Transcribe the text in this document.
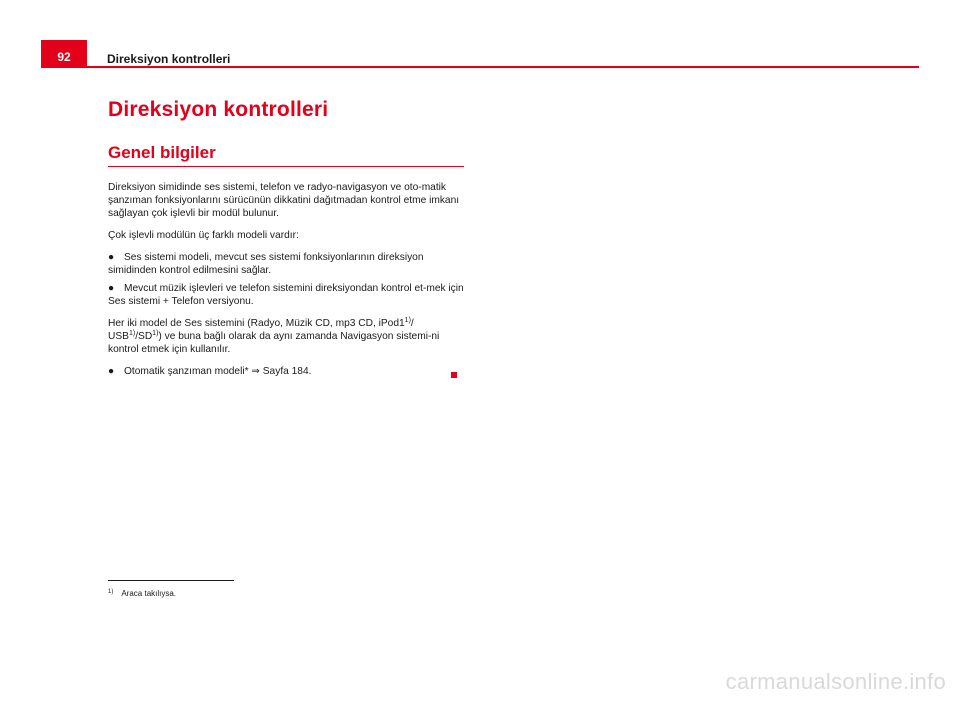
92	Direksiyon kontrolleri
Direksiyon kontrolleri
Genel bilgiler

Direksiyon simidinde ses sistemi, telefon ve radyo-navigasyon ve oto-matik şanzıman fonksiyonlarını sürücünün dikkatini dağıtmadan kontrol etme imkanı sağlayan çok işlevli bir modül bulunur.

Çok işlevli modülün üç farklı modeli vardır:

● Ses sistemi modeli, mevcut ses sistemi fonksiyonlarının direksiyon simidinden kontrol edilmesini sağlar.

● Mevcut müzik işlevleri ve telefon sistemini direksiyondan kontrol et-mek için Ses sistemi + Telefon versiyonu.

Her iki model de Ses sistemini (Radyo, Müzik CD, mp3 CD, iPod1$^{1)}$/ USB$^{1)}$/SD$^{1)}$) ve buna bağlı olarak da aynı zamanda Navigasyon sistemi-ni kontrol etmek için kullanılır.

● Otomatik şanzıman modeli* ⇒ Sayfa 184.

$^{1)}$ Araca takılıysa.
carmanualsonline.info
